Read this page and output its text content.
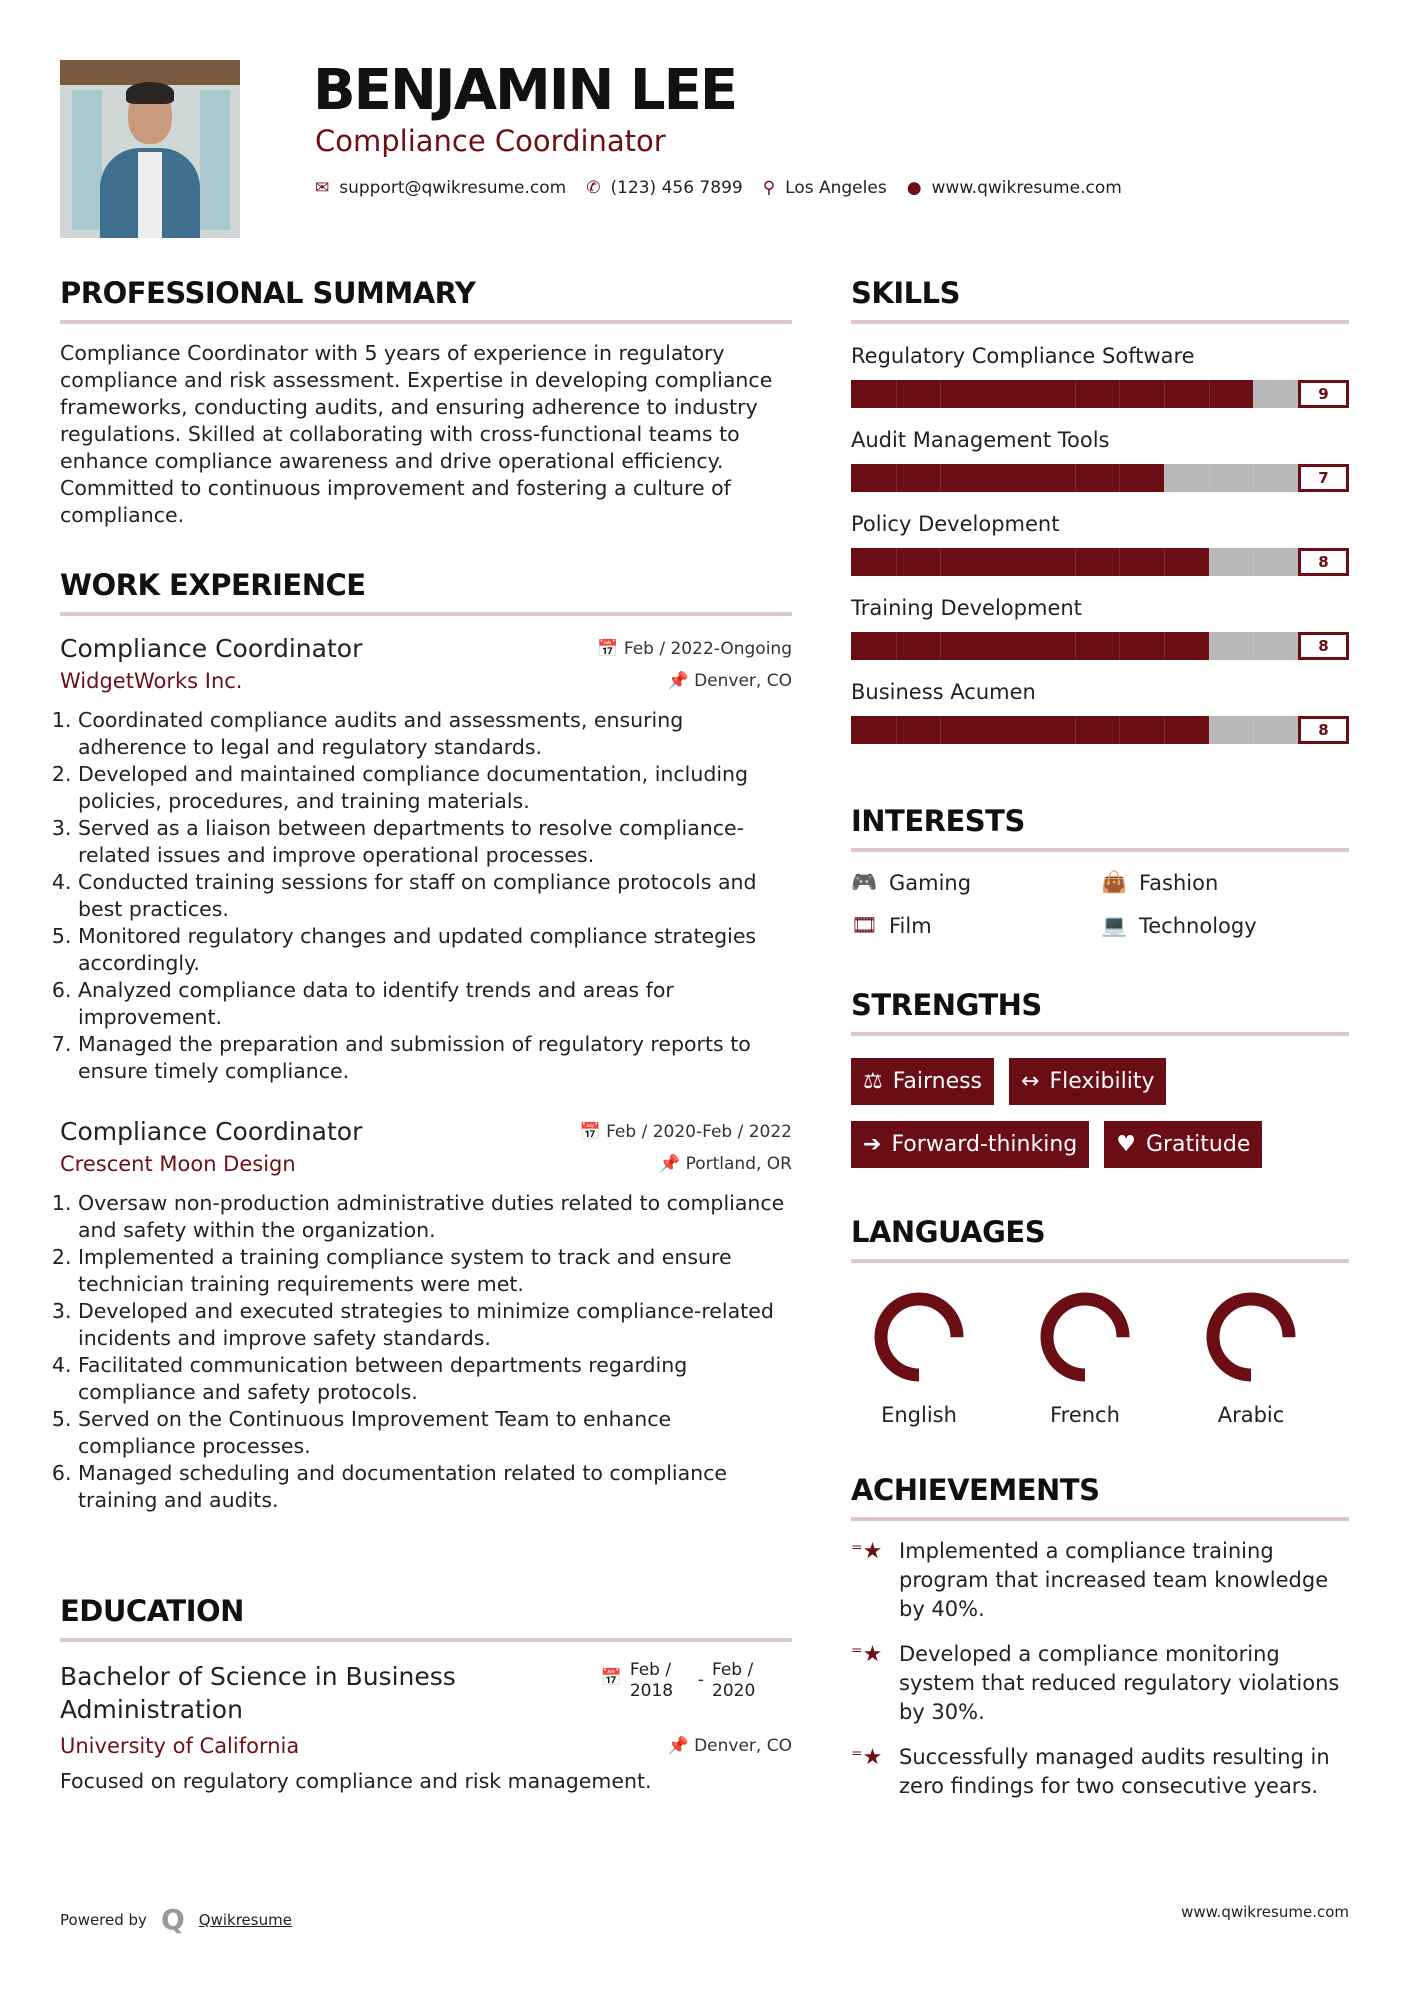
BENJAMIN LEE
Compliance Coordinator
✉ support@qwikresume.com ✆ (123) 456 7899 ⚲ Los Angeles ● www.qwikresume.com
PROFESSIONAL SUMMARY

Compliance Coordinator with 5 years of experience in regulatory compliance and risk assessment. Expertise in developing compliance frameworks, conducting audits, and ensuring adherence to industry regulations. Skilled at collaborating with cross-functional teams to enhance compliance awareness and drive operational efficiency. Committed to continuous improvement and fostering a culture of compliance.

WORK EXPERIENCE
Compliance Coordinator	📅 Feb / 2022-Ongoing
WidgetWorks Inc.	📌 Denver, CO
1. Coordinated compliance audits and assessments, ensuring adherence to legal and regulatory standards.
2. Developed and maintained compliance documentation, including policies, procedures, and training materials.
3. Served as a liaison between departments to resolve compliance-related issues and improve operational processes.
4. Conducted training sessions for staff on compliance protocols and best practices.
5. Monitored regulatory changes and updated compliance strategies accordingly.
6. Analyzed compliance data to identify trends and areas for improvement.
7. Managed the preparation and submission of regulatory reports to ensure timely compliance.
Compliance Coordinator	📅 Feb / 2020-Feb / 2022
Crescent Moon Design	📌 Portland, OR
1. Oversaw non-production administrative duties related to compliance and safety within the organization.
2. Implemented a training compliance system to track and ensure technician training requirements were met.
3. Developed and executed strategies to minimize compliance-related incidents and improve safety standards.
4. Facilitated communication between departments regarding compliance and safety protocols.
5. Served on the Continuous Improvement Team to enhance compliance processes.
6. Managed scheduling and documentation related to compliance training and audits.
EDUCATION
Bachelor of Science in Business Administration
📅 Feb / 2018
- Feb / 2020
University of California	📌 Denver, CO

Focused on regulatory compliance and risk management.

SKILLS
Regulatory Compliance Software
9
Audit Management Tools
7
Policy Development
8
Training Development
8
Business Acumen
8
INTERESTS
🎮 Gaming	👜 Fashion
🎞 Film	💻 Technology
STRENGTHS
⚖ Fairness ↔ Flexibility
➔ Forward-thinking ♥ Gratitude
LANGUAGES
English	French	Arabic
ACHIEVEMENTS
⁼★ Implemented a compliance training program that increased team knowledge by 40%.
⁼★ Developed a compliance monitoring system that reduced regulatory violations by 30%.
⁼★ Successfully managed audits resulting in zero findings for two consecutive years.
Powered by Q Qwikresume	www.qwikresume.com
